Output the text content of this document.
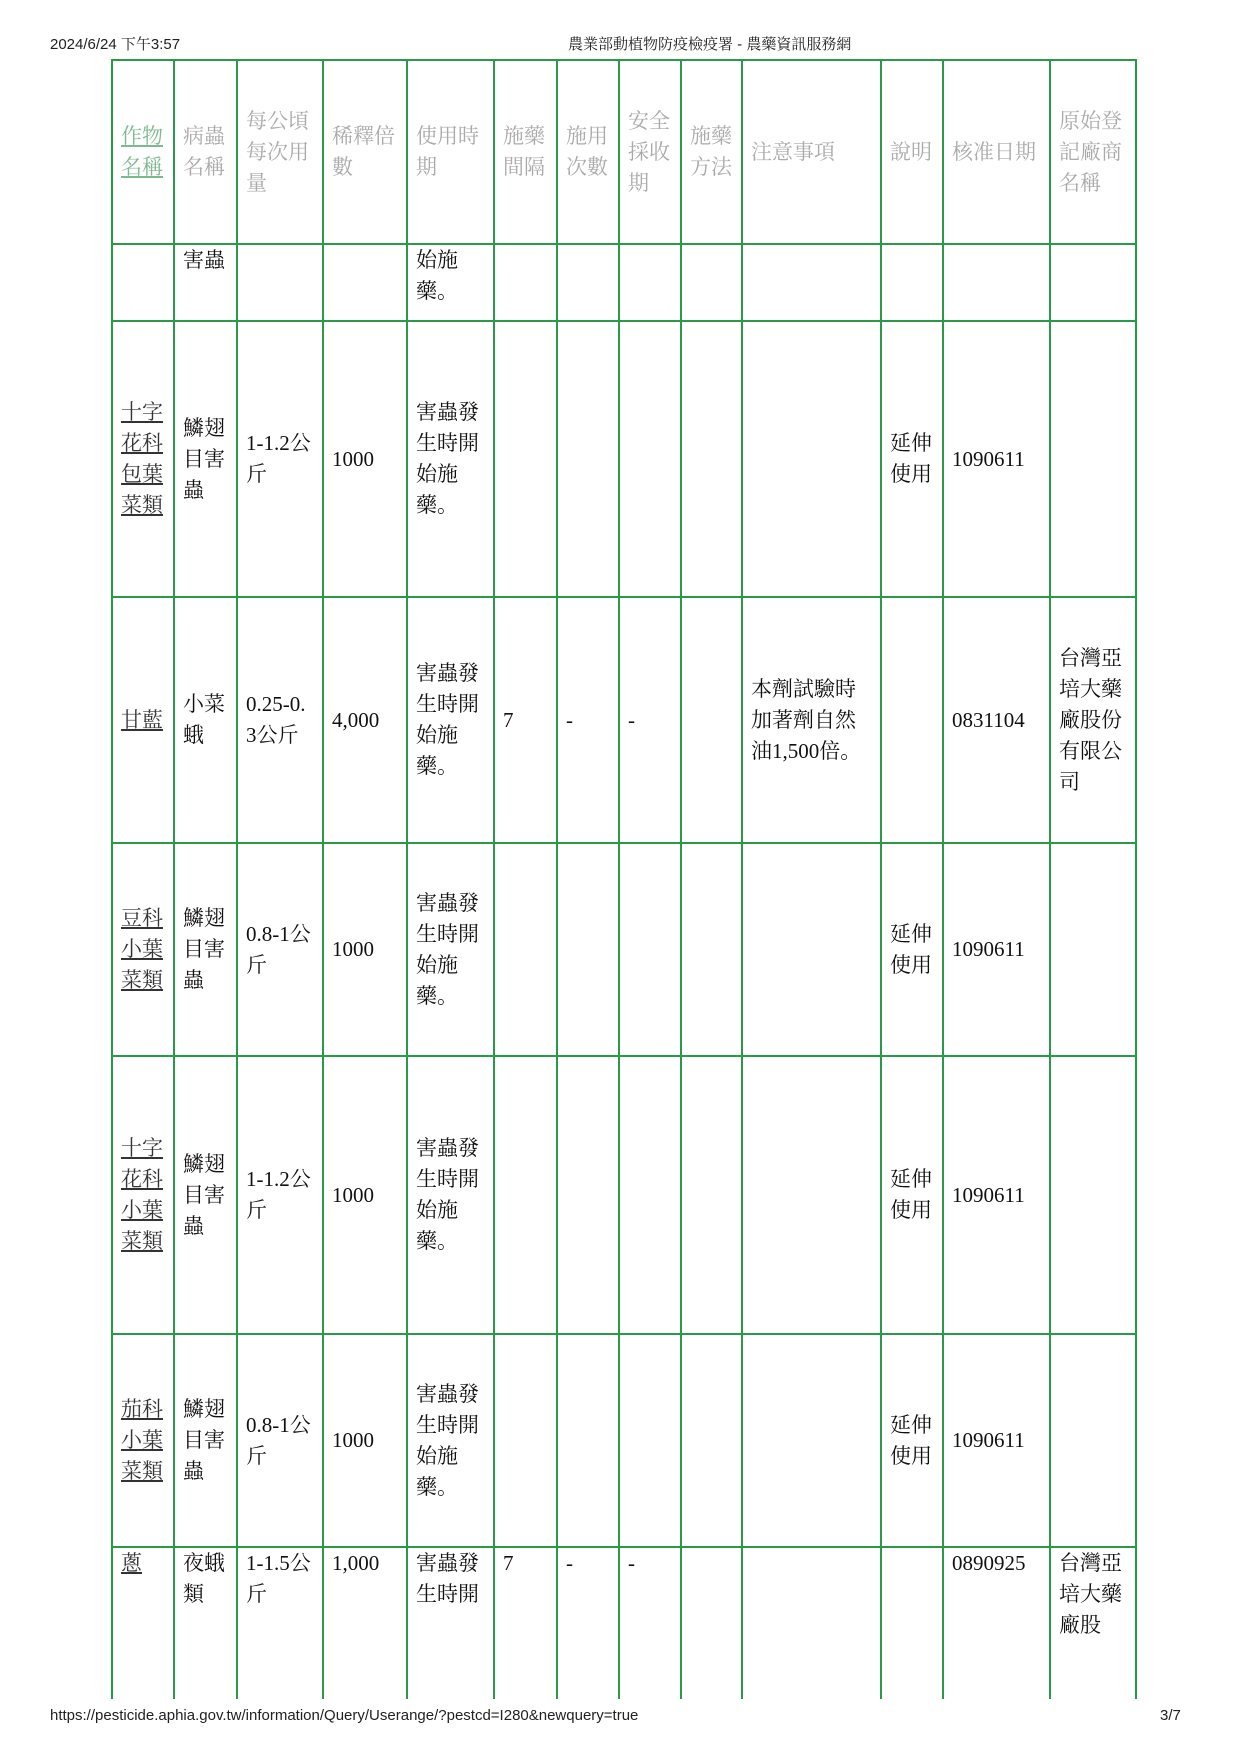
2024/6/24 下午3:57	農業部動植物防疫檢疫署 - 農藥資訊服務網
作物名稱	病蟲名稱	每公頃每次用量	稀釋倍數	使用時期	施藥間隔	施用次數	安全採收期	施藥方法	注意事項	說明	核准日期	原始登記廠商名稱
	害蟲			始施藥。								
十字花科包葉菜類	鱗翅目害蟲	1-1.2公斤	1000	害蟲發生時開始施藥。						延伸使用	1090611	
甘藍	小菜蛾	0.25-0.3公斤	4,000	害蟲發生時開始施藥。	7	-	-		本劑試驗時加著劑自然油1,500倍。		0831104	台灣亞培大藥廠股份有限公司
豆科小葉菜類	鱗翅目害蟲	0.8-1公斤	1000	害蟲發生時開始施藥。						延伸使用	1090611	
十字花科小葉菜類	鱗翅目害蟲	1-1.2公斤	1000	害蟲發生時開始施藥。						延伸使用	1090611	
茄科小葉菜類	鱗翅目害蟲	0.8-1公斤	1000	害蟲發生時開始施藥。						延伸使用	1090611	
蔥	夜蛾類	1-1.5公斤	1,000	害蟲發生時開	7	-	-				0890925	台灣亞培大藥廠股
https://pesticide.aphia.gov.tw/information/Query/Userange/?pestcd=I280&newquery=true	3/7
